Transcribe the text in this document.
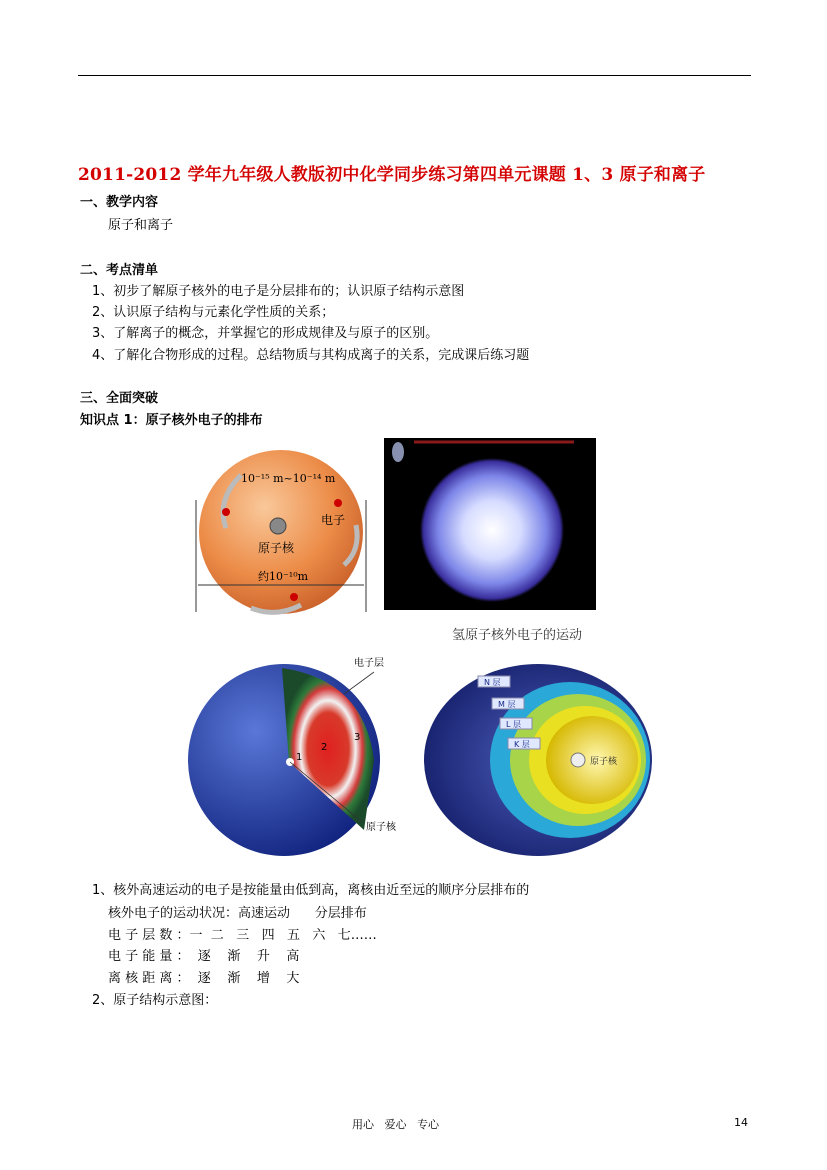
2011-2012 学年九年级人教版初中化学同步练习第四单元课题 1、3 原子和离子
一、教学内容
原子和离子
二、考点清单
1、初步了解原子核外的电子是分层排布的；认识原子结构示意图
2、认识原子结构与元素化学性质的关系；
3、了解离子的概念，并掌握它的形成规律及与原子的区别。
4、了解化合物形成的过程。总结物质与其构成离子的关系，完成课后练习题
三、全面突破
知识点 1：原子核外电子的排布
10⁻¹⁵ m~10⁻¹⁴ m
电子
原子核
约10⁻¹⁰m
氢原子核外电子的运动
1
2
3
电子层
原子核
N 层
M 层
L 层
K 层
原子核
1、核外高速运动的电子是按能量由低到高，离核由近至远的顺序分层排布的
核外电子的运动状况：高速运动      分层排布
电 子 层 数 ：一  二   三   四   五   六   七……
电 子 能 量 ：  逐    渐    升    高
离 核 距 离 ：  逐    渐    增    大
2、原子结构示意图：
用心   爱心   专心	14
